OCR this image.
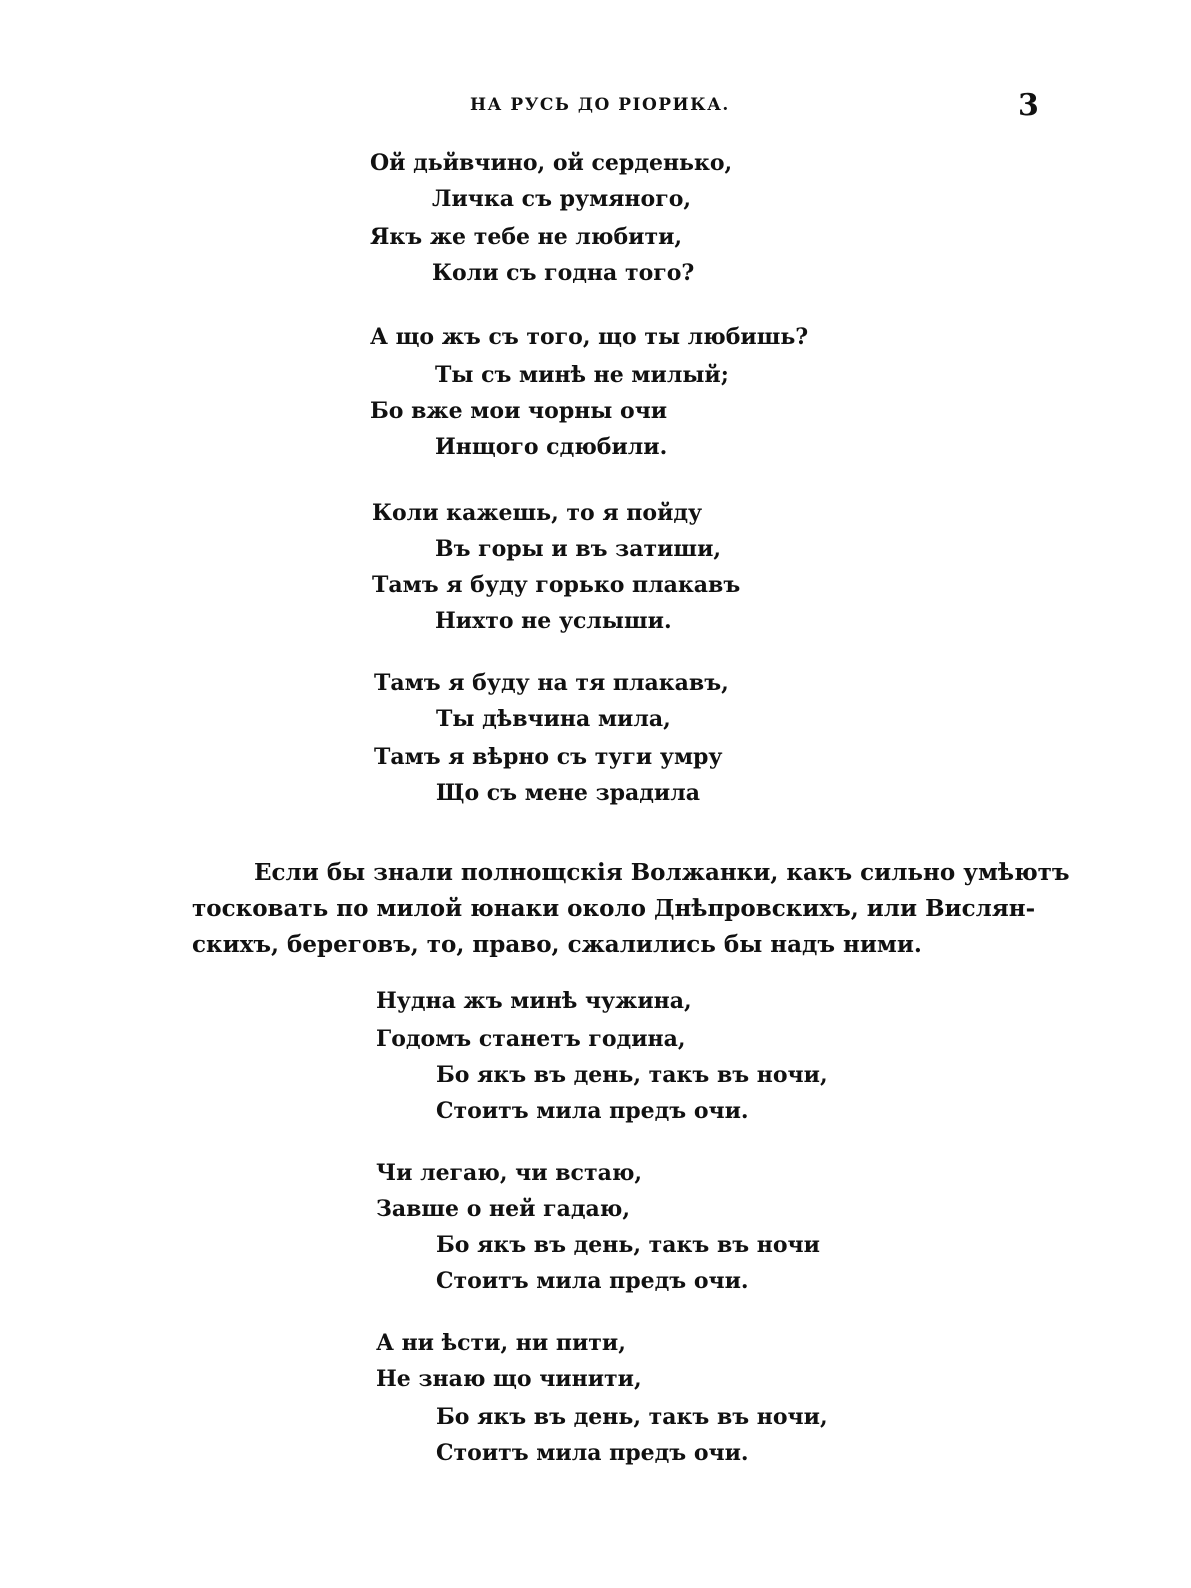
НА РУСЬ ДО РІОРИКА.	3
Ой дьйвчино, ой серденько,
Личка съ румяного,
Якъ же тебе не любити,
Коли съ годна того?
А що жъ съ того, що ты любишь?
Ты съ минѣ не милый;
Бо вже мои чорны очи
Инщого сдюбили.
Коли кажешь, то я пойду
Въ горы и въ затиши,
Тамъ я буду горько плакавъ
Нихто не услыши.
Тамъ я буду на тя плакавъ,
Ты дѣвчина мила,
Тамъ я вѣрно съ туги умру
Що съ мене зрадила
Если бы знали полнощскія Волжанки, какъ сильно умѣютъ
тосковать по милой юнаки около Днѣпровскихъ, или Вислян-
скихъ, береговъ, то, право, сжалились бы надъ ними.
Нудна жъ минѣ чужина,
Годомъ станетъ година,
Бо якъ въ день, такъ въ ночи,
Стоитъ мила предъ очи.
Чи легаю, чи встаю,
Завше о ней гадаю,
Бо якъ въ день, такъ въ ночи
Стоитъ мила предъ очи.
А ни ѣсти, ни пити,
Не знаю що чинити,
Бо якъ въ день, такъ въ ночи,
Стоитъ мила предъ очи.
